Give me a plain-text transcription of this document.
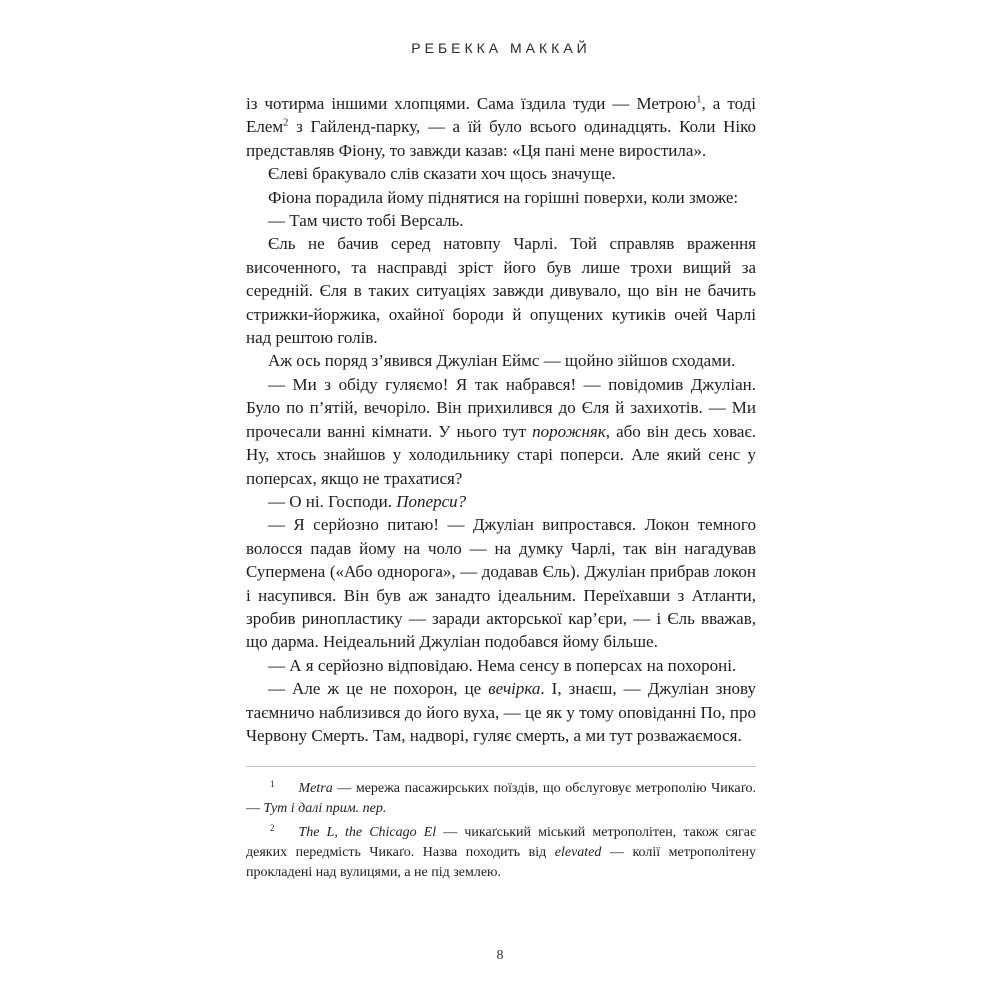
РЕБЕККА МАККАЙ

із чотирма іншими хлопцями. Сама їздила туди — Метрою$^1$, а тоді Елем$^2$ з Гайленд-парку, — а їй було всього одинадцять. Коли Ніко представляв Фіону, то завжди казав: «Ця пані мене виростила».

Єлеві бракувало слів сказати хоч щось значуще.

Фіона порадила йому піднятися на горішні поверхи, коли зможе:

— Там чисто тобі Версаль.

Єль не бачив серед натовпу Чарлі. Той справляв враження височенного, та насправді зріст його був лише трохи вищий за середній. Єля в таких ситуаціях завжди дивувало, що він не бачить стрижки-йоржика, охайної бороди й опущених кутиків очей Чарлі над рештою голів.

Аж ось поряд з’явився Джуліан Еймс — щойно зійшов сходами.

— Ми з обіду гуляємо! Я так набрався! — повідомив Джуліан. Було по п’ятій, вечоріло. Він прихилився до Єля й захихотів. — Ми прочесали ванні кімнати. У нього тут порожняк, або він десь ховає. Ну, хтось знайшов у холодильнику старі поперси. Але який сенс у поперсах, якщо не трахатися?

— О ні. Господи. Поперси?

— Я серйозно питаю! — Джуліан випростався. Локон темного волосся падав йому на чоло — на думку Чарлі, так він нагадував Супермена («Або однорога», — додавав Єль). Джуліан прибрав локон і насупився. Він був аж занадто ідеальним. Переїхавши з Атланти, зробив ринопластику — заради акторської кар’єри, — і Єль вважав, що дарма. Неідеальний Джуліан подобався йому більше.

— А я серйозно відповідаю. Нема сенсу в поперсах на похороні.

— Але ж це не похорон, це вечірка. І, знаєш, — Джуліан знову таємничо наблизився до його вуха, — це як у тому оповіданні По, про Червону Смерть. Там, надворі, гуляє смерть, а ми тут розважаємося.

$^1$ Metra — мережа пасажирських поїздів, що обслуговує метрополію Чикаґо. — Тут і далі прим. пер.

$^2$ The L, the Chicago El — чикаґський міський метрополітен, також сягає деяких передмість Чикаґо. Назва походить від elevated — колії метрополітену прокладені над вулицями, а не під землею.

8
